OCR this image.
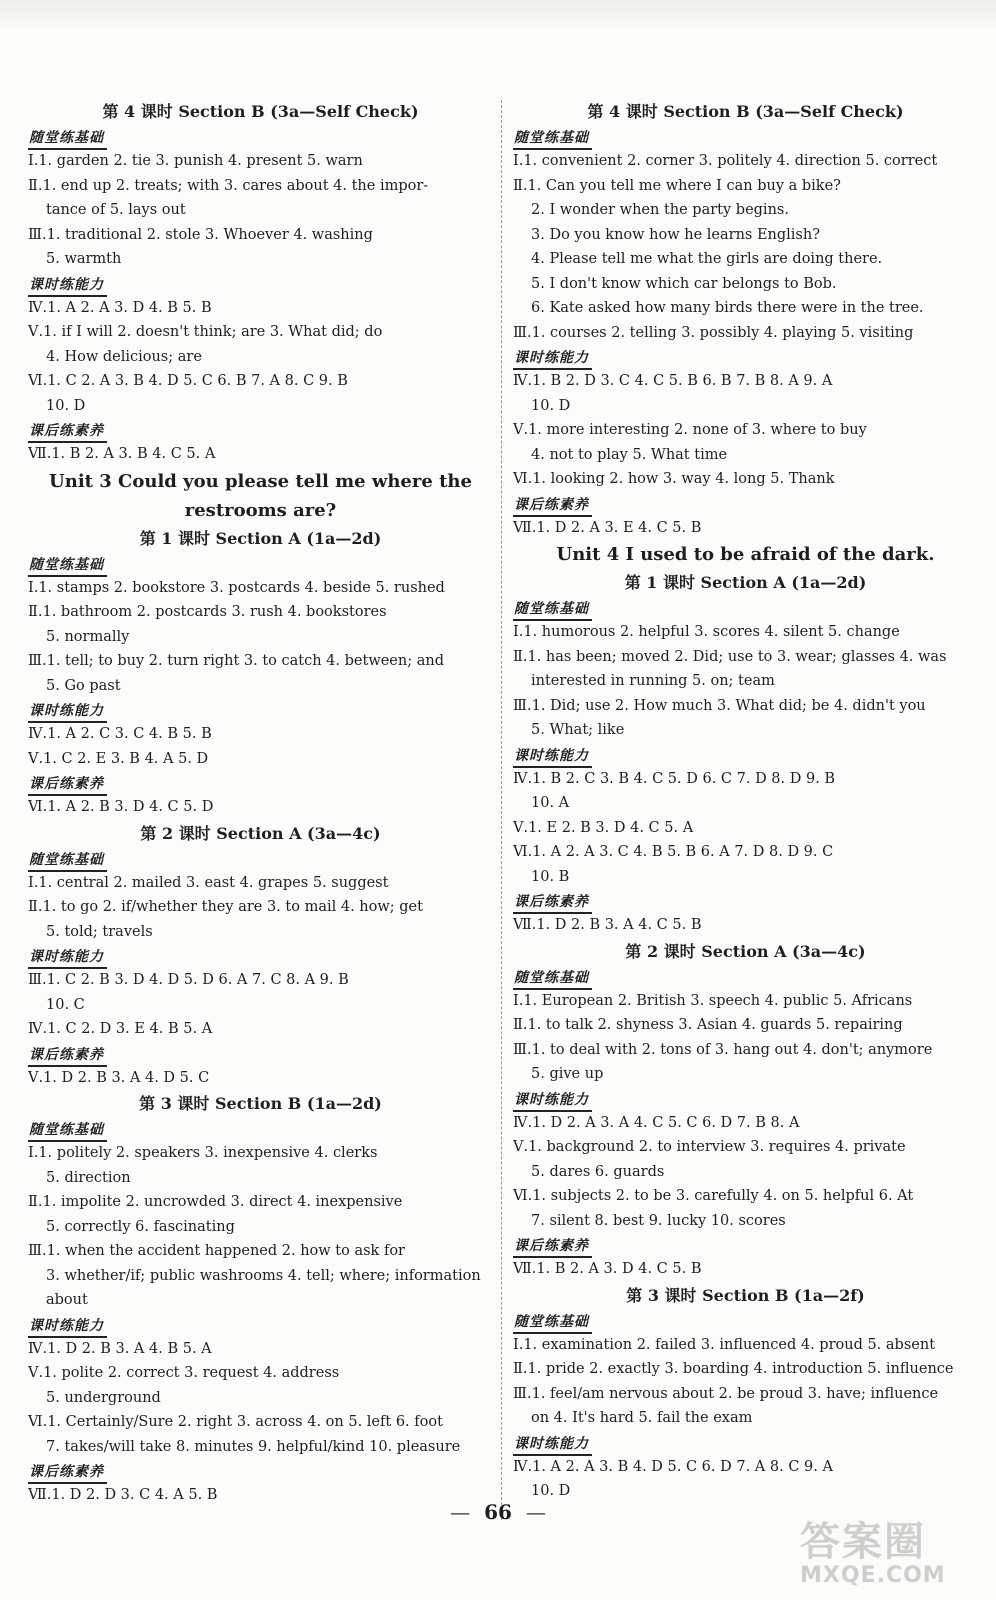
第 4 课时 Section B (3a—Self Check)
随堂练基础
Ⅰ.1. garden 2. tie 3. punish 4. present 5. warn
Ⅱ.1. end up 2. treats; with 3. cares about 4. the impor-
tance of 5. lays out
Ⅲ.1. traditional 2. stole 3. Whoever 4. washing
5. warmth
课时练能力
Ⅳ.1. A 2. A 3. D 4. B 5. B
Ⅴ.1. if I will 2. doesn't think; are 3. What did; do
4. How delicious; are
Ⅵ.1. C 2. A 3. B 4. D 5. C 6. B 7. A 8. C 9. B
10. D
课后练素养
Ⅶ.1. B 2. A 3. B 4. C 5. A
Unit 3 Could you please tell me where the
restrooms are?
第 1 课时 Section A (1a—2d)
随堂练基础
Ⅰ.1. stamps 2. bookstore 3. postcards 4. beside 5. rushed
Ⅱ.1. bathroom 2. postcards 3. rush 4. bookstores
5. normally
Ⅲ.1. tell; to buy 2. turn right 3. to catch 4. between; and
5. Go past
课时练能力
Ⅳ.1. A 2. C 3. C 4. B 5. B
Ⅴ.1. C 2. E 3. B 4. A 5. D
课后练素养
Ⅵ.1. A 2. B 3. D 4. C 5. D
第 2 课时 Section A (3a—4c)
随堂练基础
Ⅰ.1. central 2. mailed 3. east 4. grapes 5. suggest
Ⅱ.1. to go 2. if/whether they are 3. to mail 4. how; get
5. told; travels
课时练能力
Ⅲ.1. C 2. B 3. D 4. D 5. D 6. A 7. C 8. A 9. B
10. C
Ⅳ.1. C 2. D 3. E 4. B 5. A
课后练素养
Ⅴ.1. D 2. B 3. A 4. D 5. C
第 3 课时 Section B (1a—2d)
随堂练基础
Ⅰ.1. politely 2. speakers 3. inexpensive 4. clerks
5. direction
Ⅱ.1. impolite 2. uncrowded 3. direct 4. inexpensive
5. correctly 6. fascinating
Ⅲ.1. when the accident happened 2. how to ask for
3. whether/if; public washrooms 4. tell; where; information
about
课时练能力
Ⅳ.1. D 2. B 3. A 4. B 5. A
Ⅴ.1. polite 2. correct 3. request 4. address
5. underground
Ⅵ.1. Certainly/Sure 2. right 3. across 4. on 5. left 6. foot
7. takes/will take 8. minutes 9. helpful/kind 10. pleasure
课后练素养
Ⅶ.1. D 2. D 3. C 4. A 5. B
第 4 课时 Section B (3a—Self Check)
随堂练基础
Ⅰ.1. convenient 2. corner 3. politely 4. direction 5. correct
Ⅱ.1. Can you tell me where I can buy a bike?
2. I wonder when the party begins.
3. Do you know how he learns English?
4. Please tell me what the girls are doing there.
5. I don't know which car belongs to Bob.
6. Kate asked how many birds there were in the tree.
Ⅲ.1. courses 2. telling 3. possibly 4. playing 5. visiting
课时练能力
Ⅳ.1. B 2. D 3. C 4. C 5. B 6. B 7. B 8. A 9. A
10. D
Ⅴ.1. more interesting 2. none of 3. where to buy
4. not to play 5. What time
Ⅵ.1. looking 2. how 3. way 4. long 5. Thank
课后练素养
Ⅶ.1. D 2. A 3. E 4. C 5. B
Unit 4 I used to be afraid of the dark.
第 1 课时 Section A (1a—2d)
随堂练基础
Ⅰ.1. humorous 2. helpful 3. scores 4. silent 5. change
Ⅱ.1. has been; moved 2. Did; use to 3. wear; glasses 4. was
interested in running 5. on; team
Ⅲ.1. Did; use 2. How much 3. What did; be 4. didn't you
5. What; like
课时练能力
Ⅳ.1. B 2. C 3. B 4. C 5. D 6. C 7. D 8. D 9. B
10. A
Ⅴ.1. E 2. B 3. D 4. C 5. A
Ⅵ.1. A 2. A 3. C 4. B 5. B 6. A 7. D 8. D 9. C
10. B
课后练素养
Ⅶ.1. D 2. B 3. A 4. C 5. B
第 2 课时 Section A (3a—4c)
随堂练基础
Ⅰ.1. European 2. British 3. speech 4. public 5. Africans
Ⅱ.1. to talk 2. shyness 3. Asian 4. guards 5. repairing
Ⅲ.1. to deal with 2. tons of 3. hang out 4. don't; anymore
5. give up
课时练能力
Ⅳ.1. D 2. A 3. A 4. C 5. C 6. D 7. B 8. A
Ⅴ.1. background 2. to interview 3. requires 4. private
5. dares 6. guards
Ⅵ.1. subjects 2. to be 3. carefully 4. on 5. helpful 6. At
7. silent 8. best 9. lucky 10. scores
课后练素养
Ⅶ.1. B 2. A 3. D 4. C 5. B
第 3 课时 Section B (1a—2f)
随堂练基础
Ⅰ.1. examination 2. failed 3. influenced 4. proud 5. absent
Ⅱ.1. pride 2. exactly 3. boarding 4. introduction 5. influence
Ⅲ.1. feel/am nervous about 2. be proud 3. have; influence
on 4. It's hard 5. fail the exam
课时练能力
Ⅳ.1. A 2. A 3. B 4. D 5. C 6. D 7. A 8. C 9. A
10. D
— 66 —
答案圈
MXQE.COM
